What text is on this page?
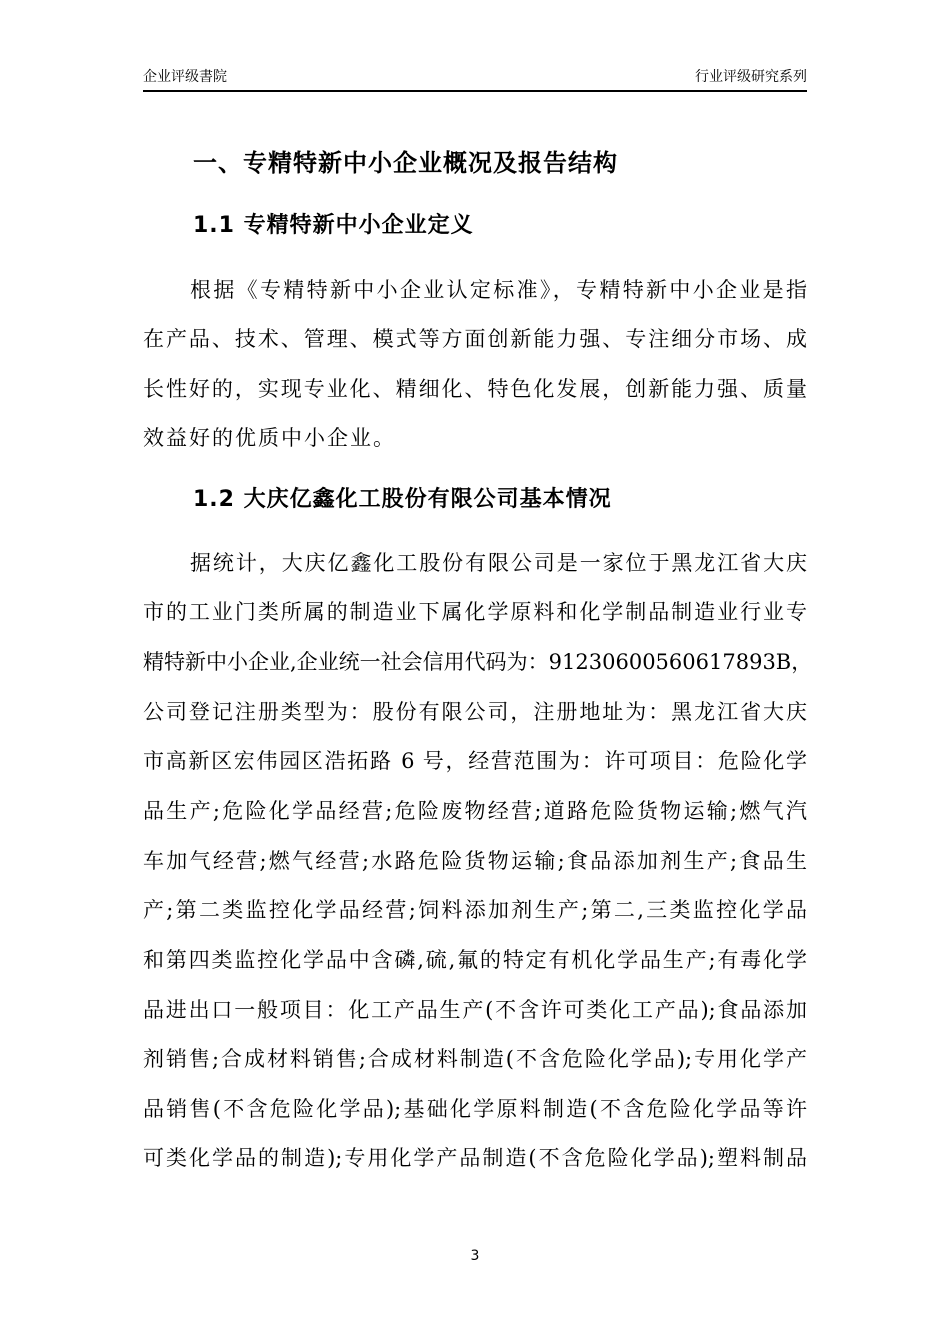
企业评级書院	行业评级研究系列
一、专精特新中小企业概况及报告结构
1.1 专精特新中小企业定义
根据《专精特新中小企业认定标准》，专精特新中小企业是指
在产品、技术、管理、模式等方面创新能力强、专注细分市场、成
长性好的，实现专业化、精细化、特色化发展，创新能力强、质量
效益好的优质中小企业。
1.2 大庆亿鑫化工股份有限公司基本情况
据统计，大庆亿鑫化工股份有限公司是一家位于黑龙江省大庆
市的工业门类所属的制造业下属化学原料和化学制品制造业行业专
精特新中小企业,企业统一社会信用代码为：91230600560617893B，
公司登记注册类型为：股份有限公司，注册地址为：黑龙江省大庆
市高新区宏伟园区浩拓路 6 号，经营范围为：许可项目：危险化学
品生产;危险化学品经营;危险废物经营;道路危险货物运输;燃气汽
车加气经营;燃气经营;水路危险货物运输;食品添加剂生产;食品生
产;第二类监控化学品经营;饲料添加剂生产;第二,三类监控化学品
和第四类监控化学品中含磷,硫,氟的特定有机化学品生产;有毒化学
品进出口一般项目：化工产品生产(不含许可类化工产品);食品添加
剂销售;合成材料销售;合成材料制造(不含危险化学品);专用化学产
品销售(不含危险化学品);基础化学原料制造(不含危险化学品等许
可类化学品的制造);专用化学产品制造(不含危险化学品);塑料制品
3
